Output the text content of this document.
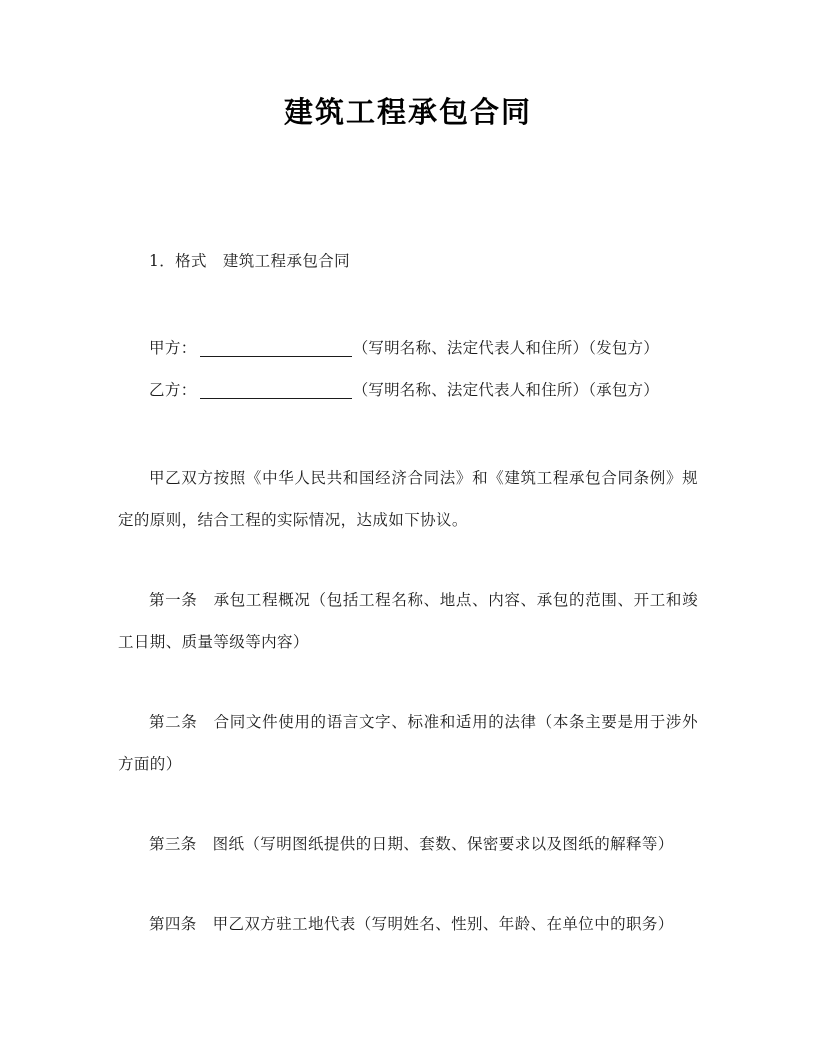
建筑工程承包合同

1．格式　建筑工程承包合同

甲方：	（写明名称、法定代表人和住所）（发包方）

乙方：	（写明名称、法定代表人和住所）（承包方）

甲乙双方按照《中华人民共和国经济合同法》和《建筑工程承包合同条例》规定的原则，结合工程的实际情况，达成如下协议。

第一条　 承包工程概况（包括工程名称、地点、内容、承包的范围、开工和竣工日期、质量等级等内容）

第二条　 合同文件使用的语言文字、标准和适用的法律（本条主要是用于涉外方面的）

第三条　 图纸（写明图纸提供的日期、套数、保密要求以及图纸的解释等）

第四条　 甲乙双方驻工地代表（写明姓名、性别、年龄、在单位中的职务）
